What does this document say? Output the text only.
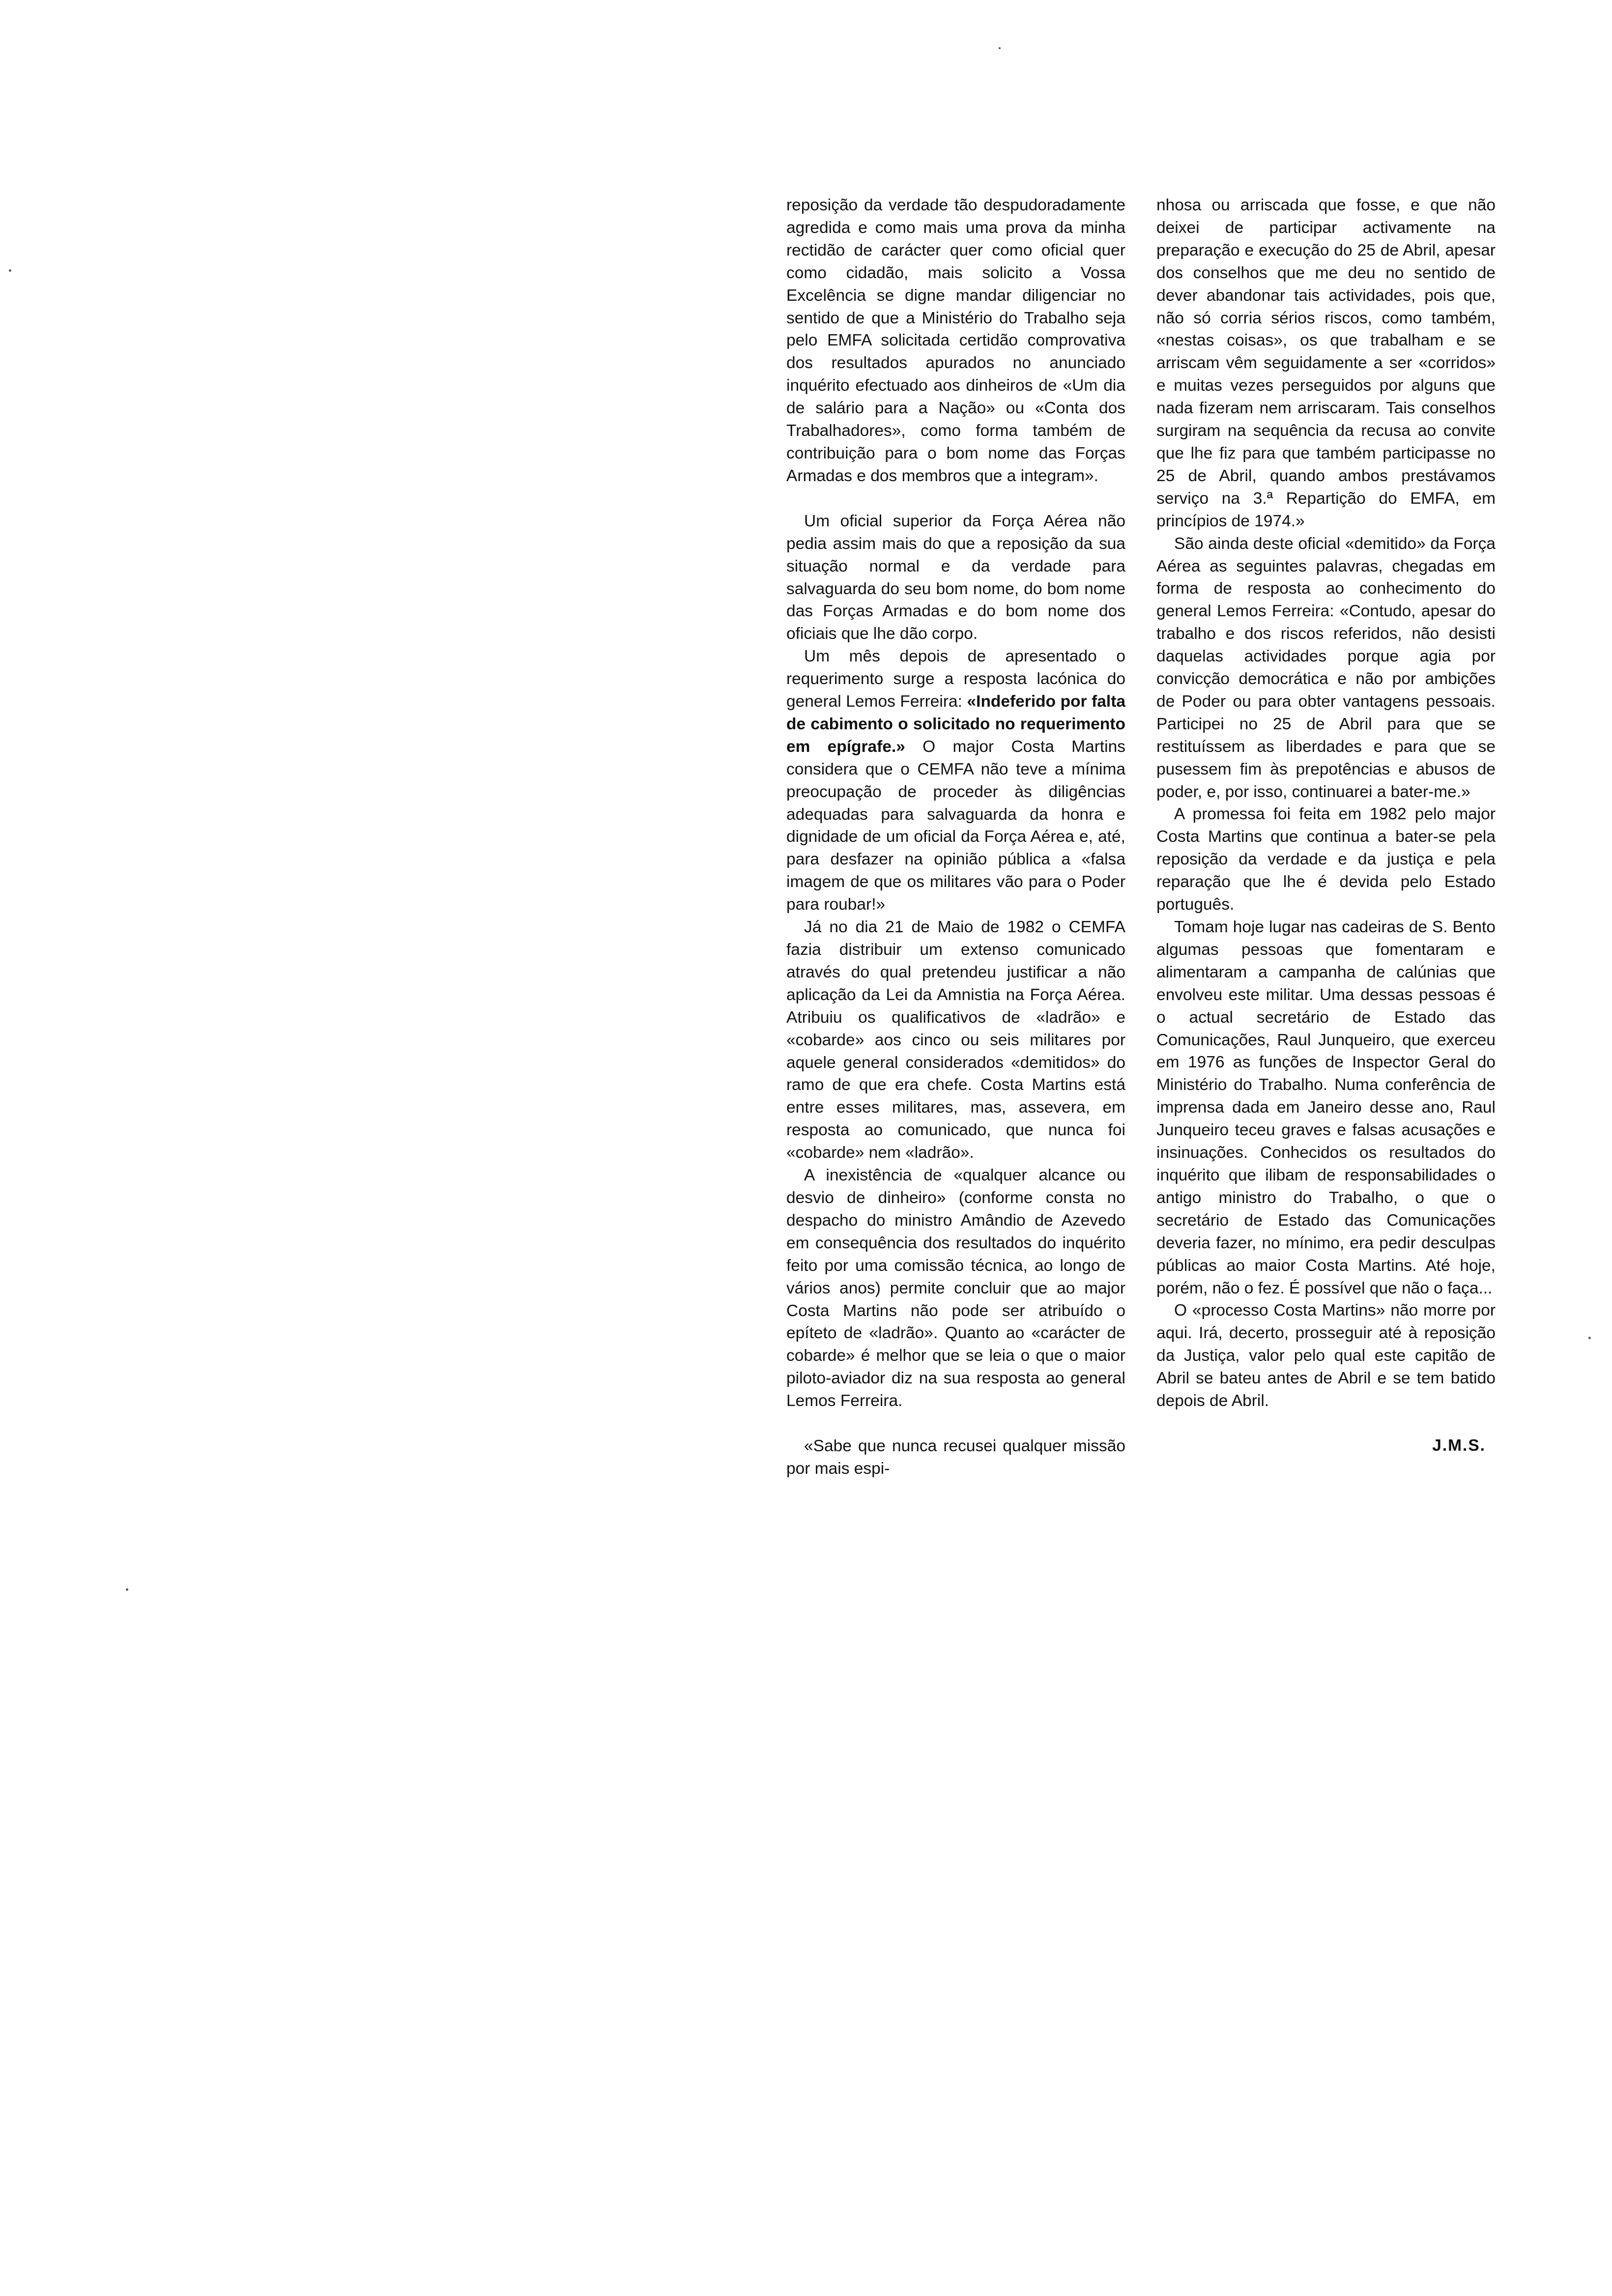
reposição da verdade tão despudoradamente agredida e como mais uma prova da minha rectidão de carácter quer como oficial quer como cidadão, mais solicito a Vossa Excelência se digne mandar diligenciar no sentido de que a Ministério do Trabalho seja pelo EMFA solicitada certidão comprovativa dos resultados apurados no anunciado inquérito efectuado aos dinheiros de «Um dia de salário para a Nação» ou «Conta dos Trabalhadores», como forma também de contribuição para o bom nome das Forças Armadas e dos membros que a integram».

Um oficial superior da Força Aérea não pedia assim mais do que a reposição da sua situação normal e da verdade para salvaguarda do seu bom nome, do bom nome das Forças Armadas e do bom nome dos oficiais que lhe dão corpo.

Um mês depois de apresentado o requerimento surge a resposta lacónica do general Lemos Ferreira: «Indeferido por falta de cabimento o solicitado no requerimento em epígrafe.» O major Costa Martins considera que o CEMFA não teve a mínima preocupação de proceder às diligências adequadas para salvaguarda da honra e dignidade de um oficial da Força Aérea e, até, para desfazer na opinião pública a «falsa imagem de que os militares vão para o Poder para roubar!»

Já no dia 21 de Maio de 1982 o CEMFA fazia distribuir um extenso comunicado através do qual pretendeu justificar a não aplicação da Lei da Amnistia na Força Aérea. Atribuiu os qualificativos de «ladrão» e «cobarde» aos cinco ou seis militares por aquele general considerados «demitidos» do ramo de que era chefe. Costa Martins está entre esses militares, mas, assevera, em resposta ao comunicado, que nunca foi «cobarde» nem «ladrão».

A inexistência de «qualquer alcance ou desvio de dinheiro» (conforme consta no despacho do ministro Amândio de Azevedo em consequência dos resultados do inquérito feito por uma comissão técnica, ao longo de vários anos) permite concluir que ao major Costa Martins não pode ser atribuído o epíteto de «ladrão». Quanto ao «carácter de cobarde» é melhor que se leia o que o maior piloto-aviador diz na sua resposta ao general Lemos Ferreira.

«Sabe que nunca recusei qualquer missão por mais espi-

nhosa ou arriscada que fosse, e que não deixei de participar activamente na preparação e execução do 25 de Abril, apesar dos conselhos que me deu no sentido de dever abandonar tais actividades, pois que, não só corria sérios riscos, como também, «nestas coisas», os que trabalham e se arriscam vêm seguidamente a ser «corridos» e muitas vezes perseguidos por alguns que nada fizeram nem arriscaram. Tais conselhos surgiram na sequência da recusa ao convite que lhe fiz para que também participasse no 25 de Abril, quando ambos prestávamos serviço na 3.ª Repartição do EMFA, em princípios de 1974.»

São ainda deste oficial «demitido» da Força Aérea as seguintes palavras, chegadas em forma de resposta ao conhecimento do general Lemos Ferreira: «Contudo, apesar do trabalho e dos riscos referidos, não desisti daquelas actividades porque agia por convicção democrática e não por ambições de Poder ou para obter vantagens pessoais. Participei no 25 de Abril para que se restituíssem as liberdades e para que se pusessem fim às prepotências e abusos de poder, e, por isso, continuarei a bater-me.»

A promessa foi feita em 1982 pelo major Costa Martins que continua a bater-se pela reposição da verdade e da justiça e pela reparação que lhe é devida pelo Estado português.

Tomam hoje lugar nas cadeiras de S. Bento algumas pessoas que fomentaram e alimentaram a campanha de calúnias que envolveu este militar. Uma dessas pessoas é o actual secretário de Estado das Comunicações, Raul Junqueiro, que exerceu em 1976 as funções de Inspector Geral do Ministério do Trabalho. Numa conferência de imprensa dada em Janeiro desse ano, Raul Junqueiro teceu graves e falsas acusações e insinuações. Conhecidos os resultados do inquérito que ilibam de responsabilidades o antigo ministro do Trabalho, o que o secretário de Estado das Comunicações deveria fazer, no mínimo, era pedir desculpas públicas ao maior Costa Martins. Até hoje, porém, não o fez. É possível que não o faça...

O «processo Costa Martins» não morre por aqui. Irá, decerto, prosseguir até à reposição da Justiça, valor pelo qual este capitão de Abril se bateu antes de Abril e se tem batido depois de Abril.

J.M.S.
